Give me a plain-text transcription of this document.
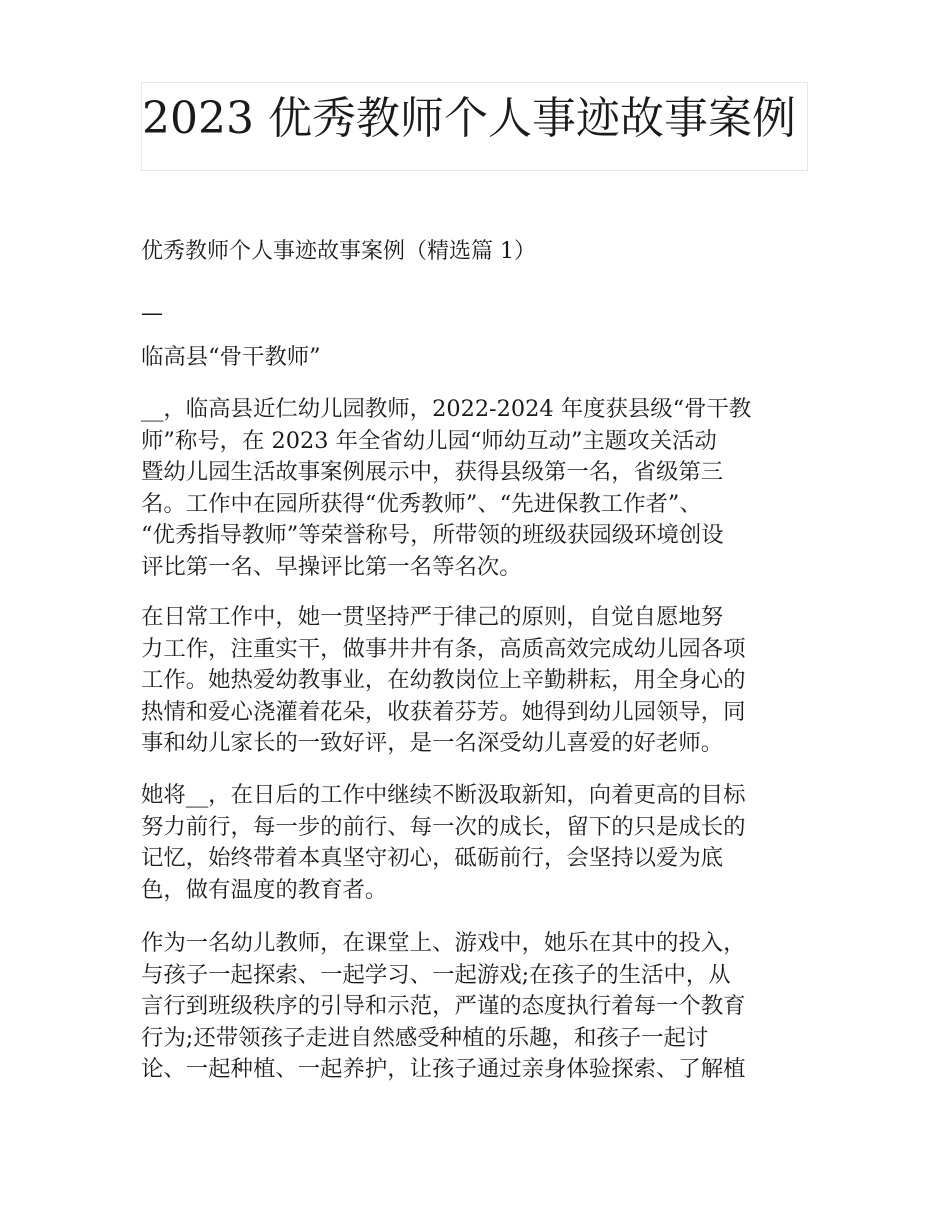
2023 优秀教师个人事迹故事案例

优秀教师个人事迹故事案例（精选篇 1）

—

临高县“骨干教师”

__，临高县近仁幼儿园教师，2022-2024 年度获县级“骨干教
师”称号，在 2023 年全省幼儿园“师幼互动”主题攻关活动
暨幼儿园生活故事案例展示中，获得县级第一名，省级第三
名。工作中在园所获得“优秀教师”、“先进保教工作者”、
“优秀指导教师”等荣誉称号，所带领的班级获园级环境创设
评比第一名、早操评比第一名等名次。

在日常工作中，她一贯坚持严于律己的原则，自觉自愿地努
力工作，注重实干，做事井井有条，高质高效完成幼儿园各项
工作。她热爱幼教事业，在幼教岗位上辛勤耕耘，用全身心的
热情和爱心浇灌着花朵，收获着芬芳。她得到幼儿园领导，同
事和幼儿家长的一致好评，是一名深受幼儿喜爱的好老师。

她将__，在日后的工作中继续不断汲取新知，向着更高的目标
努力前行，每一步的前行、每一次的成长，留下的只是成长的
记忆，始终带着本真坚守初心，砥砺前行，会坚持以爱为底
色，做有温度的教育者。

作为一名幼儿教师，在课堂上、游戏中，她乐在其中的投入，
与孩子一起探索、一起学习、一起游戏;在孩子的生活中，从
言行到班级秩序的引导和示范，严谨的态度执行着每一个教育
行为;还带领孩子走进自然感受种植的乐趣，和孩子一起讨
论、一起种植、一起养护，让孩子通过亲身体验探索、了解植
